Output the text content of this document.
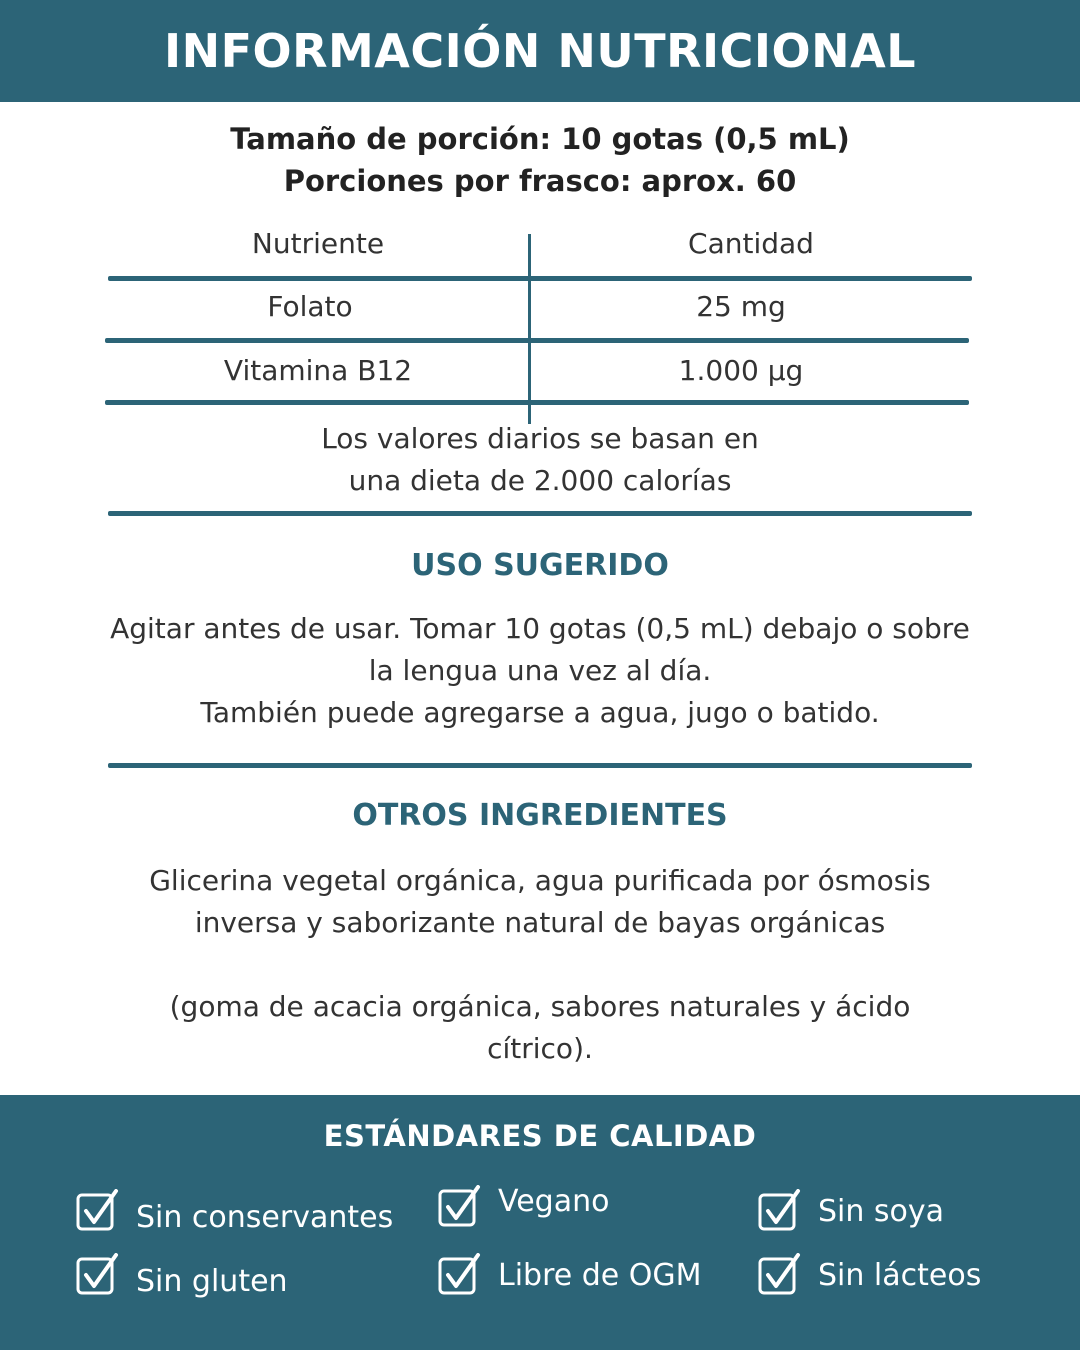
INFORMACIÓN NUTRICIONAL
Tamaño de porción: 10 gotas (0,5 mL)
Porciones por frasco: aprox. 60
Nutriente	Cantidad
Folato	25 mg
Vitamina B12	1.000 µg
Los valores diarios se basan en
una dieta de 2.000 calorías
USO SUGERIDO
Agitar antes de usar. Tomar 10 gotas (0,5 mL) debajo o sobre
la lengua una vez al día.
También puede agregarse a agua, jugo o batido.
OTROS INGREDIENTES
Glicerina vegetal orgánica, agua purificada por ósmosis
inversa y saborizante natural de bayas orgánicas
(goma de acacia orgánica, sabores naturales y ácido
cítrico).
ESTÁNDARES DE CALIDAD
Sin conservantes	Vegano	Sin soya
Sin gluten	Libre de OGM	Sin lácteos
